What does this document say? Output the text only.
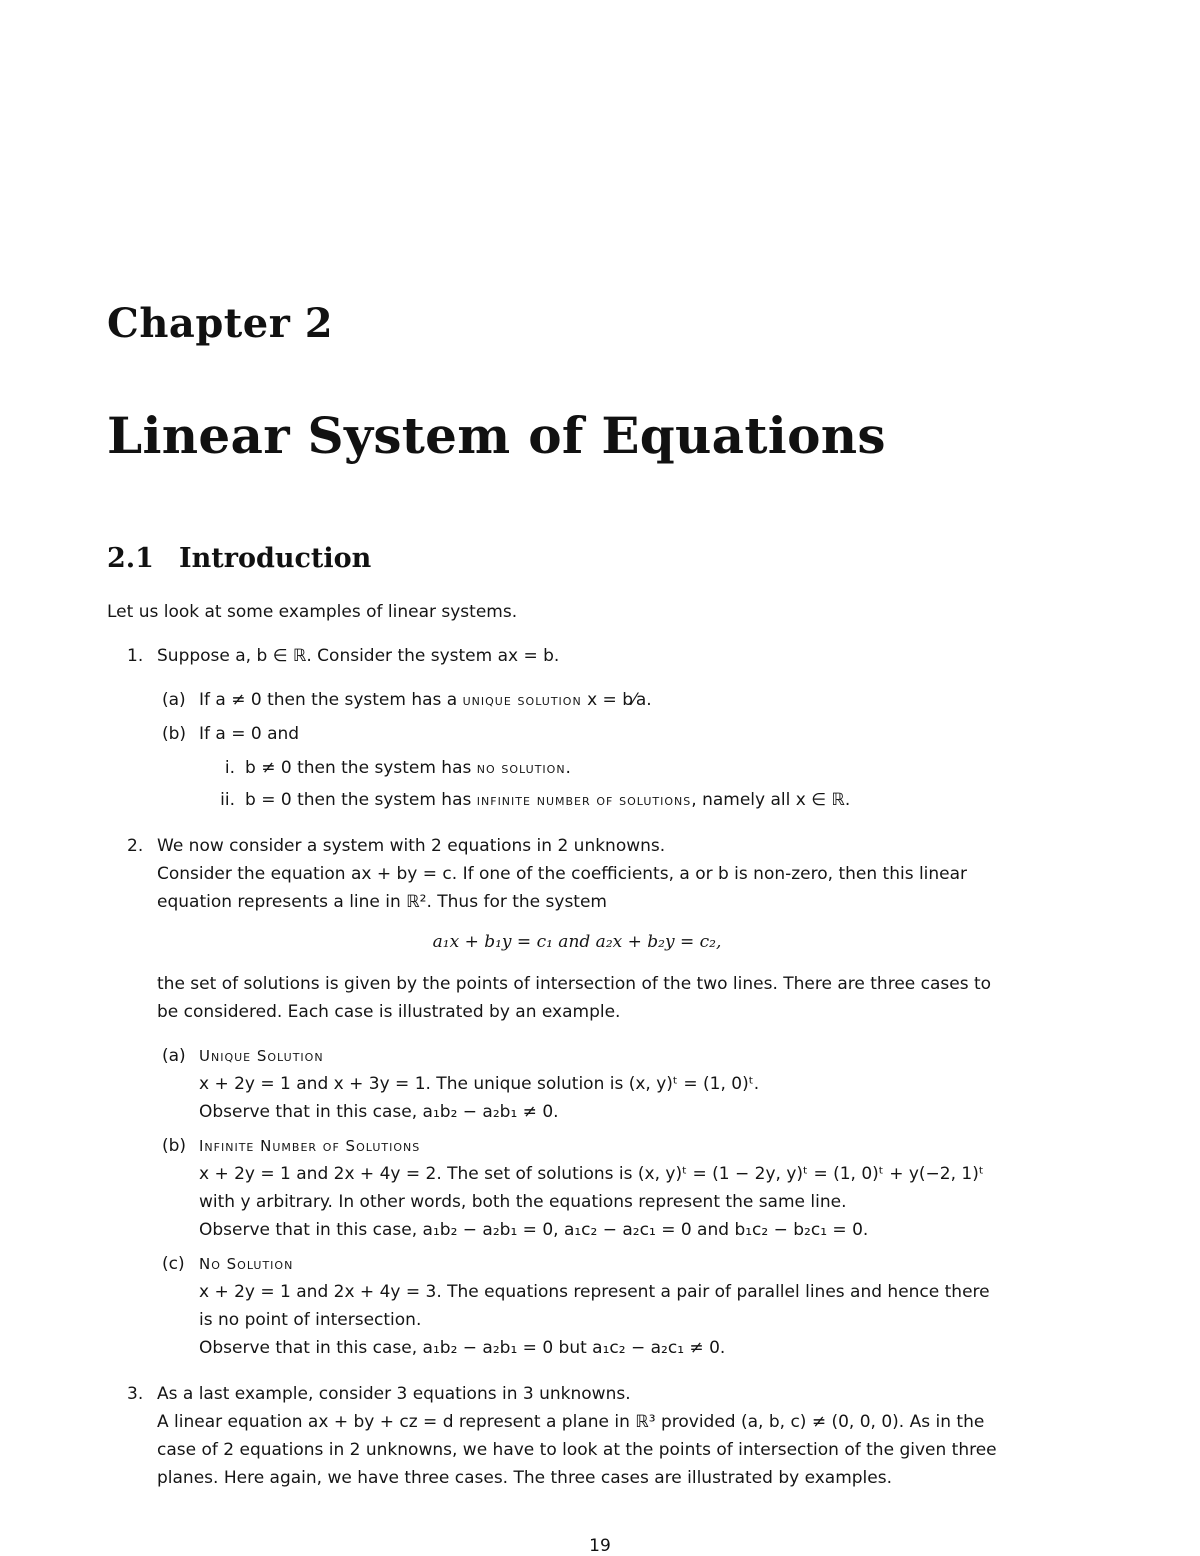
Chapter 2
Linear System of Equations
2.1 Introduction

Let us look at some examples of linear systems.

1. Suppose a, b ∈ ℝ. Consider the system ax = b.

(a) If a ≠ 0 then the system has a unique solution x = b⁄a.
(b) If a = 0 and
i. b ≠ 0 then the system has no solution.
ii. b = 0 then the system has infinite number of solutions, namely all x ∈ ℝ.
2. We now consider a system with 2 equations in 2 unknowns.

Consider the equation ax + by = c. If one of the coefficients, a or b is non-zero, then this linear equation represents a line in ℝ². Thus for the system

a₁x + b₁y = c₁ and a₂x + b₂y = c₂,

the set of solutions is given by the points of intersection of the two lines. There are three cases to be considered. Each case is illustrated by an example.

(a) Unique Solution

x + 2y = 1 and x + 3y = 1. The unique solution is (x, y)ᵗ = (1, 0)ᵗ.

Observe that in this case, a₁b₂ − a₂b₁ ≠ 0.

(b) Infinite Number of Solutions

x + 2y = 1 and 2x + 4y = 2. The set of solutions is (x, y)ᵗ = (1 − 2y, y)ᵗ = (1, 0)ᵗ + y(−2, 1)ᵗ with y arbitrary. In other words, both the equations represent the same line.

Observe that in this case, a₁b₂ − a₂b₁ = 0, a₁c₂ − a₂c₁ = 0 and b₁c₂ − b₂c₁ = 0.

(c) No Solution

x + 2y = 1 and 2x + 4y = 3. The equations represent a pair of parallel lines and hence there is no point of intersection.

Observe that in this case, a₁b₂ − a₂b₁ = 0 but a₁c₂ − a₂c₁ ≠ 0.

3. As a last example, consider 3 equations in 3 unknowns.

A linear equation ax + by + cz = d represent a plane in ℝ³ provided (a, b, c) ≠ (0, 0, 0). As in the case of 2 equations in 2 unknowns, we have to look at the points of intersection of the given three planes. Here again, we have three cases. The three cases are illustrated by examples.

19
